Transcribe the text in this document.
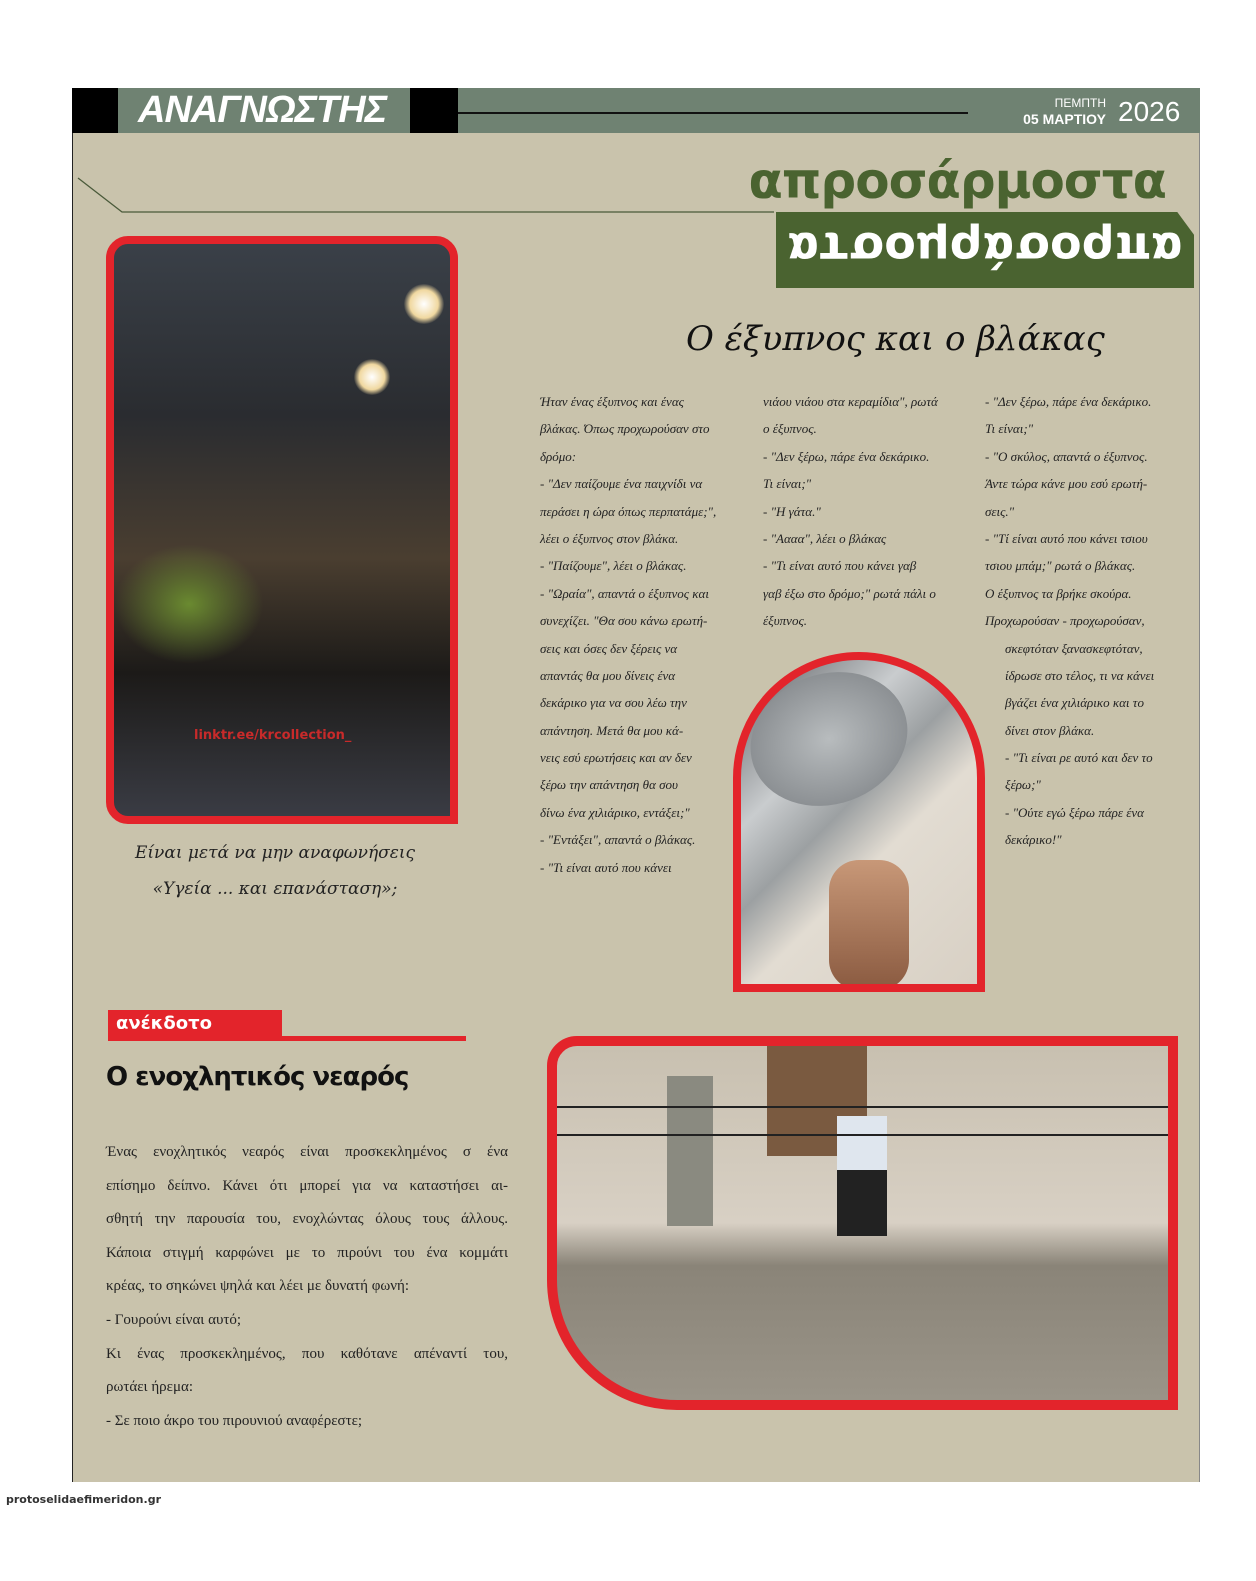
ΑΝΑΓΝΩΣΤΗΣ	ΠΕΜΠΤΗ
05 ΜΑΡΤΙΟΥ 2026
απροσάρμοστα
απροσάρμοστα
linktr.ee/krcollection_
Είναι μετά να μην αναφωνήσεις
«Υγεία ... και επανάσταση»;
Ο έξυπνος και ο βλάκας
Ήταν ένας έξυπνος και ένας
βλάκας. Όπως προχωρούσαν στο
δρόμο:
- "Δεν παίζουμε ένα παιχνίδι να
περάσει η ώρα όπως περπατάμε;",
λέει ο έξυπνος στον βλάκα.
- "Παίζουμε", λέει ο βλάκας.
- "Ωραία", απαντά ο έξυπνος και
συνεχίζει. "Θα σου κάνω ερωτή-
σεις και όσες δεν ξέρεις να
απαντάς θα μου δίνεις ένα
δεκάρικο για να σου λέω την
απάντηση. Μετά θα μου κά-
νεις εσύ ερωτήσεις και αν δεν
ξέρω την απάντηση θα σου
δίνω ένα χιλιάρικο, εντάξει;"
- "Εντάξει", απαντά ο βλάκας.
- "Τι είναι αυτό που κάνει
νιάου νιάου στα κεραμίδια", ρωτά
ο έξυπνος.
- "Δεν ξέρω, πάρε ένα δεκάρικο.
Τι είναι;"
- "Η γάτα."
- "Αααα", λέει ο βλάκας
- "Τι είναι αυτό που κάνει γαβ
γαβ έξω στο δρόμο;" ρωτά πάλι ο
έξυπνος.
- "Δεν ξέρω, πάρε ένα δεκάρικο.
Τι είναι;"
- "Ο σκύλος, απαντά ο έξυπνος.
Άντε τώρα κάνε μου εσύ ερωτή-
σεις."
- "Τί είναι αυτό που κάνει τσιου
τσιου μπάμ;" ρωτά ο βλάκας.
Ο έξυπνος τα βρήκε σκούρα.
Προχωρούσαν - προχωρούσαν,
σκεφτόταν ξανασκεφτόταν,
ίδρωσε στο τέλος, τι να κάνει
βγάζει ένα χιλιάρικο και το
δίνει στον βλάκα.
- "Τι είναι ρε αυτό και δεν το
ξέρω;"
- "Ούτε εγώ ξέρω πάρε ένα
δεκάρικο!"
ανέκδοτο
Ο ενοχλητικός νεαρός
Ένας ενοχλητικός νεαρός είναι προσκεκλημένος σ ένα
επίσημο δείπνο. Κάνει ότι μπορεί για να καταστήσει αι-
σθητή την παρουσία του, ενοχλώντας όλους τους άλλους.
Κάποια στιγμή καρφώνει με το πιρούνι του ένα κομμάτι
κρέας, το σηκώνει ψηλά και λέει με δυνατή φωνή:
- Γουρούνι είναι αυτό;
Κι ένας προσκεκλημένος, που καθότανε απέναντί του,
ρωτάει ήρεμα:
- Σε ποιο άκρο του πιρουνιού αναφέρεστε;
protoselidaefimeridon.gr
